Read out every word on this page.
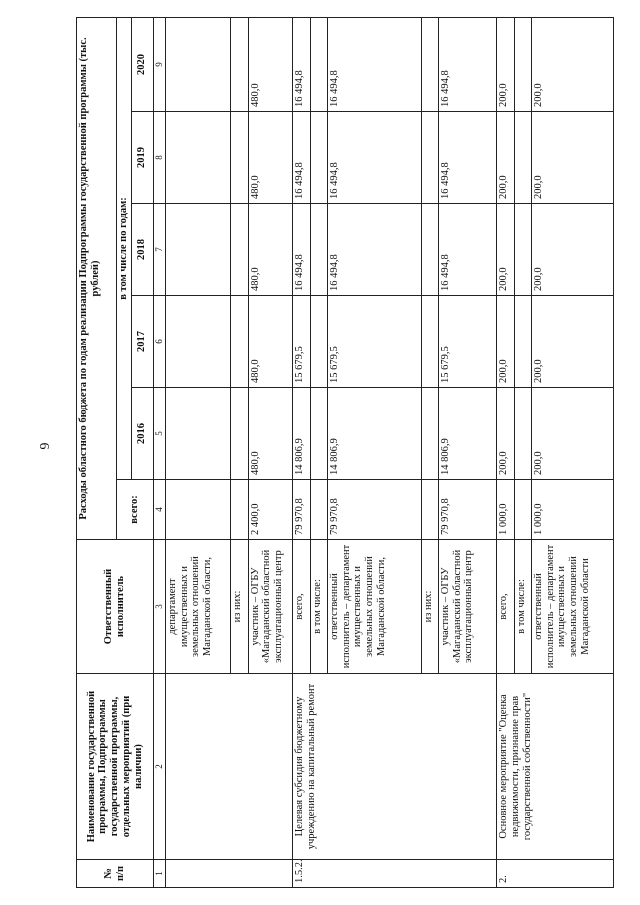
6
№ п/п	Наименование государственной программы, Подпрограммы государственной программы, отдельных мероприятий (при наличии)	Ответственный исполнитель	Расходы областного бюджета по годам реализации Подпрограммы государственной программы (тыс. рублей)					
			всего:	в том числе по годам:				
				2016	2017	2018	2019	2020
1	2	3	4	5	6	7	8	9
		департамент имущественных и земельных отношений Магаданской области,						
		из них:						
		участник – ОГБУ «Магаданский областной эксплуатационный центр	2 400,0	480,0	480,0	480,0	480,0	480,0
1.5.2.	Целевая субсидия бюджетному учреждению на капитальный ремонт	всего,	79 970,8	14 806,9	15 679,5	16 494,8	16 494,8	16 494,8
		в том числе:						
		ответственный исполнитель – департамент имущественных и земельных отношений Магаданской области,	79 970,8	14 806,9	15 679,5	16 494,8	16 494,8	16 494,8
		из них:						
		участник – ОГБУ «Магаданский областной эксплуатационный центр	79 970,8	14 806,9	15 679,5	16 494,8	16 494,8	16 494,8
2.	Основное мероприятие "Оценка недвижимости, признание прав государственной собственности"	всего,	1 000,0	200,0	200,0	200,0	200,0	200,0
		в том числе:						
		ответственный исполнитель – департамент имущественных и земельных отношений Магаданской области	1 000,0	200,0	200,0	200,0	200,0	200,0
